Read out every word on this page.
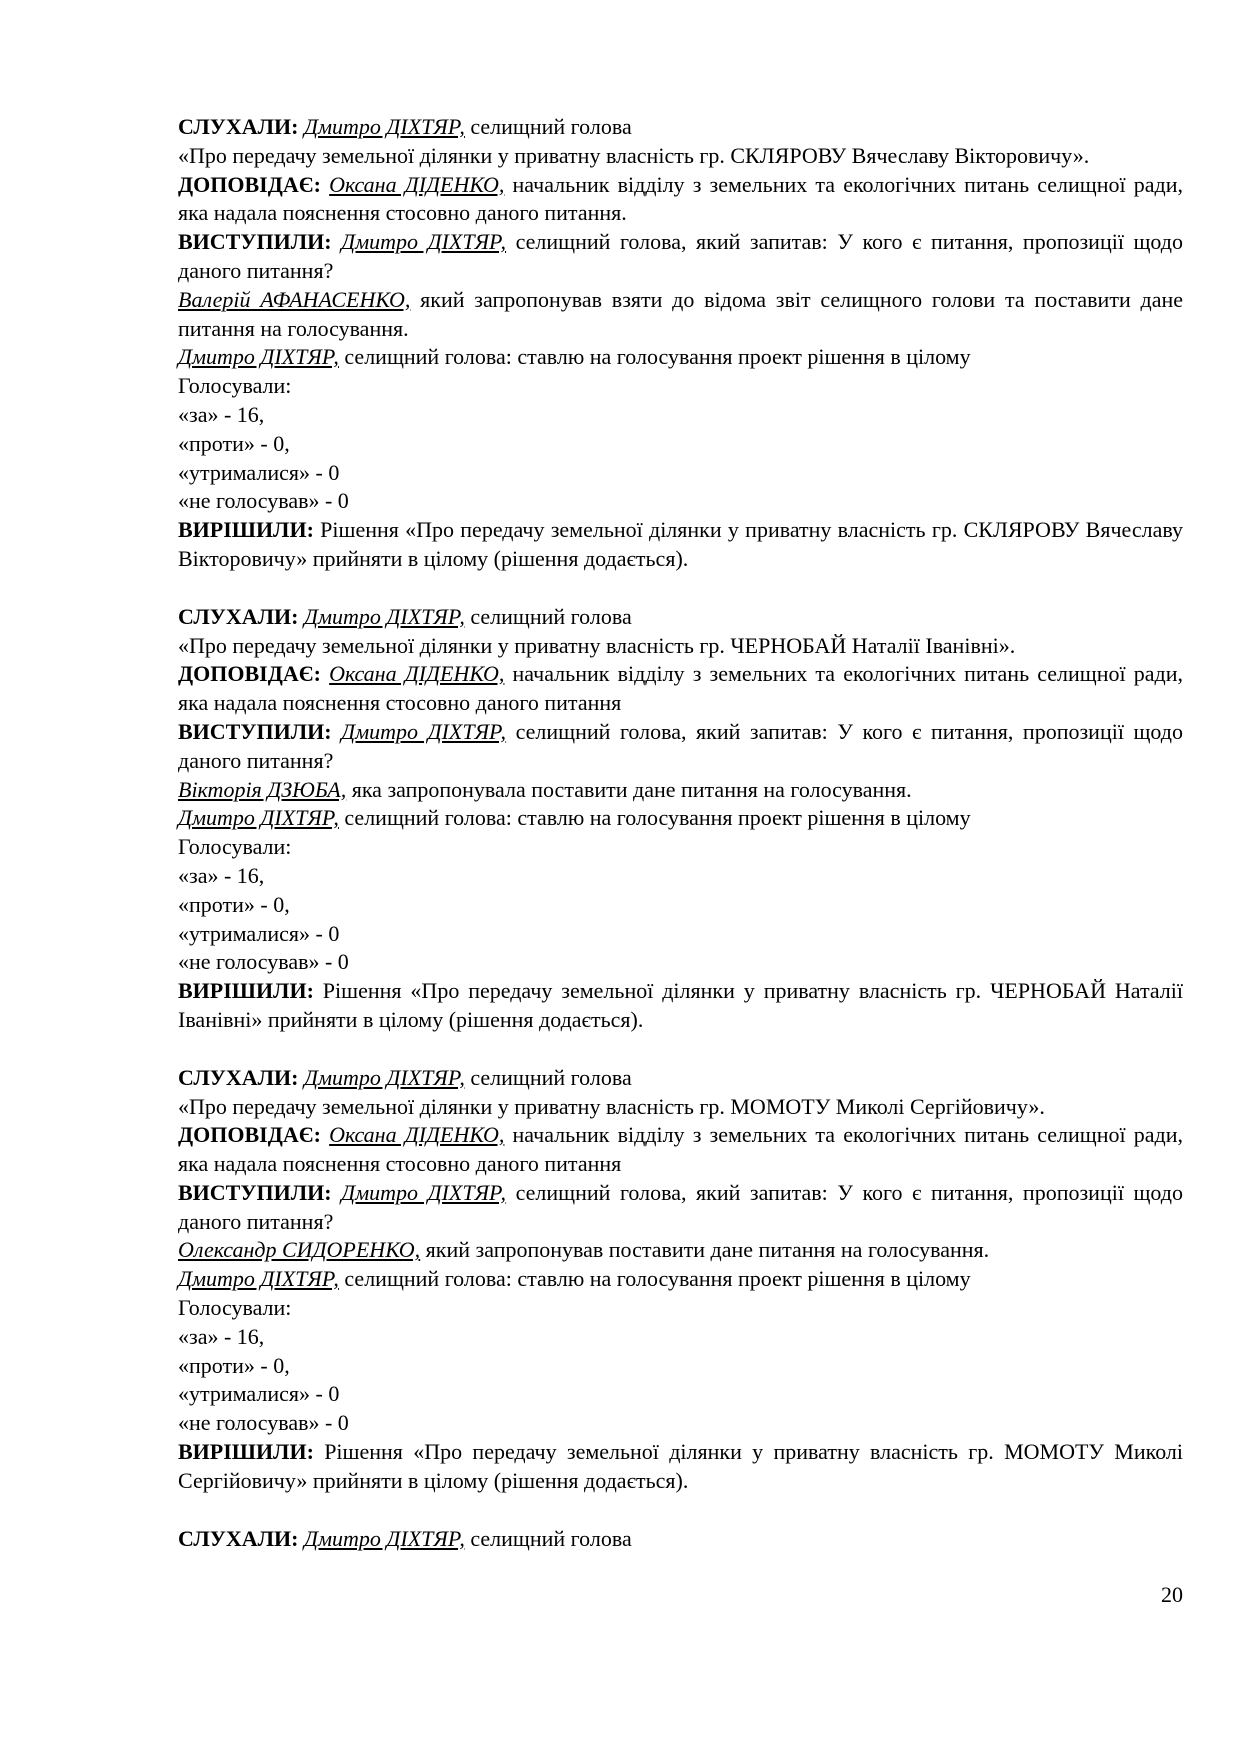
СЛУХАЛИ: Дмитро ДІХТЯР, селищний голова

«Про передачу земельної ділянки у приватну власність гр. СКЛЯРОВУ Вячеславу Вікторовичу».

ДОПОВІДАЄ: Оксана ДІДЕНКО, начальник відділу з земельних та екологічних питань селищної ради, яка надала пояснення стосовно даного питання.

ВИСТУПИЛИ: Дмитро ДІХТЯР, селищний голова, який запитав: У кого є питання, пропозиції щодо даного питання?

Валерій АФАНАСЕНКО, який запропонував взяти до відома звіт селищного голови та поставити дане питання на голосування.

Дмитро ДІХТЯР, селищний голова: ставлю на голосування проект рішення в цілому

Голосували:

«за» - 16,

«проти» - 0,

«утрималися» - 0

«не голосував» - 0

ВИРІШИЛИ: Рішення «Про передачу земельної ділянки у приватну власність гр. СКЛЯРОВУ Вячеславу Вікторовичу» прийняти в цілому (рішення додається).

СЛУХАЛИ: Дмитро ДІХТЯР, селищний голова

«Про передачу земельної ділянки у приватну власність гр. ЧЕРНОБАЙ Наталії Іванівні».

ДОПОВІДАЄ: Оксана ДІДЕНКО, начальник відділу з земельних та екологічних питань селищної ради, яка надала пояснення стосовно даного питання

ВИСТУПИЛИ: Дмитро ДІХТЯР, селищний голова, який запитав: У кого є питання, пропозиції щодо даного питання?

Вікторія ДЗЮБА, яка запропонувала поставити дане питання на голосування.

Дмитро ДІХТЯР, селищний голова: ставлю на голосування проект рішення в цілому

Голосували:

«за» - 16,

«проти» - 0,

«утрималися» - 0

«не голосував» - 0

ВИРІШИЛИ: Рішення «Про передачу земельної ділянки у приватну власність гр. ЧЕРНОБАЙ Наталії Іванівні» прийняти в цілому (рішення додається).

СЛУХАЛИ: Дмитро ДІХТЯР, селищний голова

«Про передачу земельної ділянки у приватну власність гр. МОМОТУ Миколі Сергійовичу».

ДОПОВІДАЄ: Оксана ДІДЕНКО, начальник відділу з земельних та екологічних питань селищної ради, яка надала пояснення стосовно даного питання

ВИСТУПИЛИ: Дмитро ДІХТЯР, селищний голова, який запитав: У кого є питання, пропозиції щодо даного питання?

Олександр СИДОРЕНКО, який запропонував поставити дане питання на голосування.

Дмитро ДІХТЯР, селищний голова: ставлю на голосування проект рішення в цілому

Голосували:

«за» - 16,

«проти» - 0,

«утрималися» - 0

«не голосував» - 0

ВИРІШИЛИ: Рішення «Про передачу земельної ділянки у приватну власність гр. МОМОТУ Миколі Сергійовичу» прийняти в цілому (рішення додається).

СЛУХАЛИ: Дмитро ДІХТЯР, селищний голова

20
